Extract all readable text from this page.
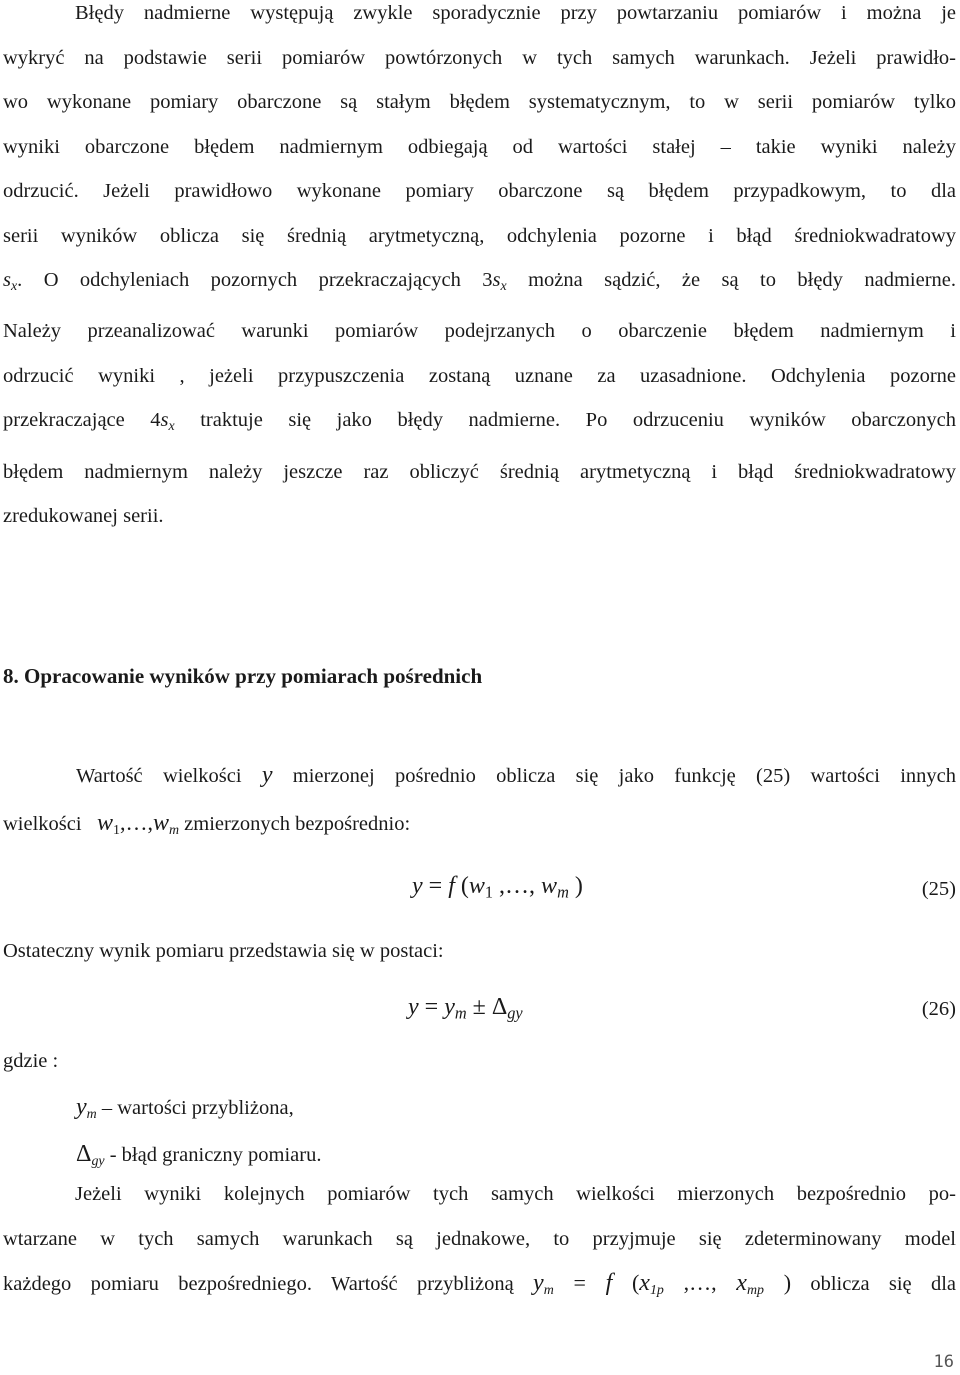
Błędy nadmierne występują zwykle sporadycznie przy powtarzaniu pomiarów i można je
wykryć na podstawie serii pomiarów powtórzonych w tych samych warunkach. Jeżeli prawidło-
wo wykonane pomiary obarczone są stałym błędem systematycznym, to w serii pomiarów tylko
wyniki obarczone błędem nadmiernym odbiegają od wartości stałej – takie wyniki należy
odrzucić. Jeżeli prawidłowo wykonane pomiary obarczone są błędem przypadkowym, to dla
serii wyników oblicza się średnią arytmetyczną, odchylenia pozorne i błąd średniokwadratowy
$s_x$. O odchyleniach pozornych przekraczających $3s_x$ można sądzić, że są to błędy nadmierne.
Należy przeanalizować warunki pomiarów podejrzanych o obarczenie błędem nadmiernym i
odrzucić wyniki , jeżeli przypuszczenia zostaną uznane za uzasadnione. Odchylenia pozorne
przekraczające $4s_x$ traktuje się jako błędy nadmierne. Po odrzuceniu wyników obarczonych
błędem nadmiernym należy jeszcze raz obliczyć średnią arytmetyczną i błąd średniokwadratowy
zredukowanej serii.
8. Opracowanie wyników przy pomiarach pośrednich
Wartość wielkości y mierzonej pośrednio oblicza się jako funkcję (25) wartości innych
wielkości   $w_1,\dots,w_m$ zmierzonych bezpośrednio:
y = f ($w_1$ ,…, $w_m$ )	(25)
Ostateczny wynik pomiaru przedstawia się w postaci:
$y = y_m \pm \Delta_{gy}$	(26)
gdzie :
$y_m$ – wartości przybliżona,
$\Delta_{gy}$ - błąd graniczny pomiaru.
Jeżeli wyniki kolejnych pomiarów tych samych wielkości mierzonych bezpośrednio po-
wtarzane w tych samych warunkach są jednakowe, to przyjmuje się zdeterminowany model
każdego pomiaru bezpośredniego. Wartość przybliżoną $y_m = f$ ($x_{1p}$ ,…, $x_{mp}$ ) oblicza się dla
16
